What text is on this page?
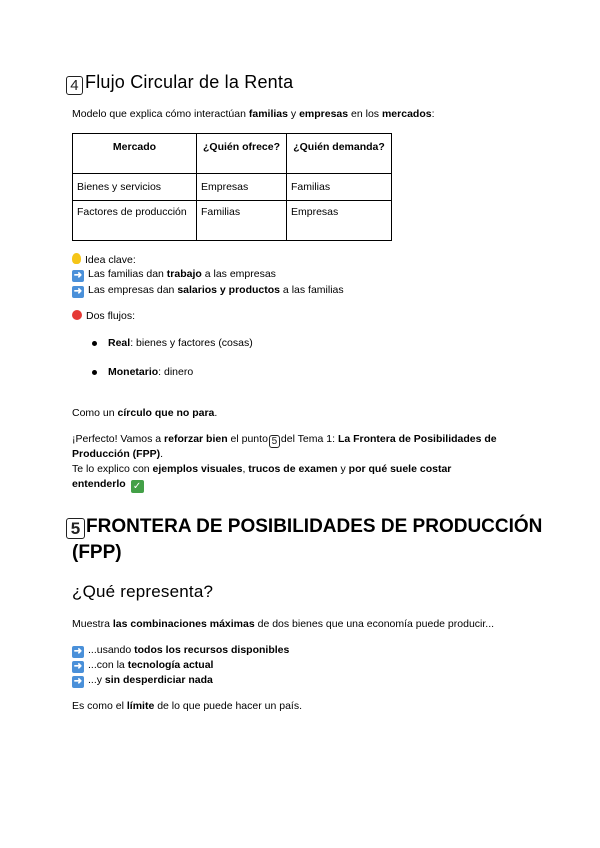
4 Flujo Circular de la Renta
Modelo que explica cómo interactúan familias y empresas en los mercados:
Mercado	¿Quién ofrece?	¿Quién demanda?
Bienes y servicios	Empresas	Familias
Factores de producción	Familias	Empresas
Idea clave:
➜ Las familias dan trabajo a las empresas
➜ Las empresas dan salarios y productos a las familias
Dos flujos:
Real: bienes y factores (cosas)
Monetario: dinero
Como un círculo que no para.
¡Perfecto! Vamos a reforzar bien el punto 5 del Tema 1: La Frontera de Posibilidades de
Producción (FPP).
Te lo explico con ejemplos visuales, trucos de examen y por qué suele costar
entenderlo ✓
5 FRONTERA DE POSIBILIDADES DE PRODUCCIÓN
(FPP)
¿Qué representa?
Muestra las combinaciones máximas de dos bienes que una economía puede producir...
➜ ...usando todos los recursos disponibles
➜ ...con la tecnología actual
➜ ...y sin desperdiciar nada
Es como el límite de lo que puede hacer un país.
